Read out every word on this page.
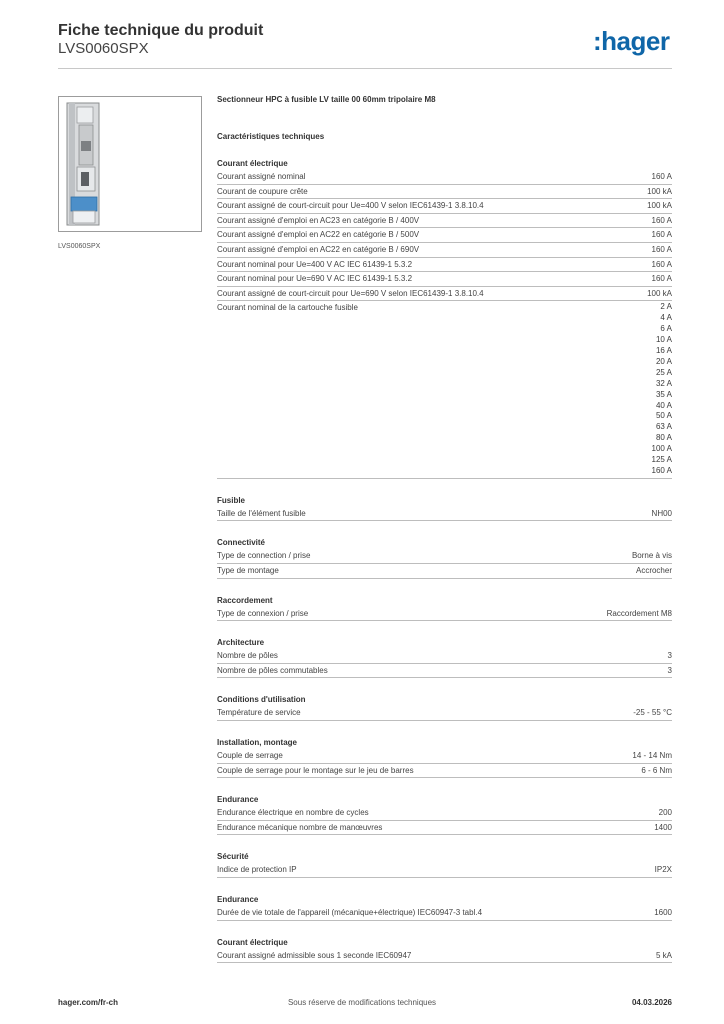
Fiche technique du produit
LVS0060SPX	:hager
LVS0060SPX
Sectionneur HPC à fusible LV taille 00 60mm tripolaire M8
Caractéristiques techniques
Courant électrique
Courant assigné nominal	160 A
Courant de coupure crête	100 kA
Courant assigné de court-circuit pour Ue=400 V selon IEC61439-1 3.8.10.4	100 kA
Courant assigné d'emploi en AC23 en catégorie B / 400V	160 A
Courant assigné d'emploi en AC22 en catégorie B / 500V	160 A
Courant assigné d'emploi en AC22 en catégorie B / 690V	160 A
Courant nominal pour Ue=400 V AC IEC 61439-1 5.3.2	160 A
Courant nominal pour Ue=690 V AC IEC 61439-1 5.3.2	160 A
Courant assigné de court-circuit pour Ue=690 V selon IEC61439-1 3.8.10.4	100 kA
Courant nominal de la cartouche fusible	2 A
4 A
6 A
10 A
16 A
20 A
25 A
32 A
35 A
40 A
50 A
63 A
80 A
100 A
125 A
160 A
Fusible
Taille de l'élément fusible	NH00
Connectivité
Type de connection / prise	Borne à vis
Type de montage	Accrocher
Raccordement
Type de connexion / prise	Raccordement M8
Architecture
Nombre de pôles	3
Nombre de pôles commutables	3
Conditions d'utilisation
Température de service	-25 - 55 °C
Installation, montage
Couple de serrage	14 - 14 Nm
Couple de serrage pour le montage sur le jeu de barres	6 - 6 Nm
Endurance
Endurance électrique en nombre de cycles	200
Endurance mécanique nombre de manœuvres	1400
Sécurité
Indice de protection IP	IP2X
Endurance
Durée de vie totale de l'appareil (mécanique+électrique) IEC60947-3 tabl.4	1600
Courant électrique
Courant assigné admissible sous 1 seconde IEC60947	5 kA
hager.com/fr-ch	Sous réserve de modifications techniques	04.03.2026
